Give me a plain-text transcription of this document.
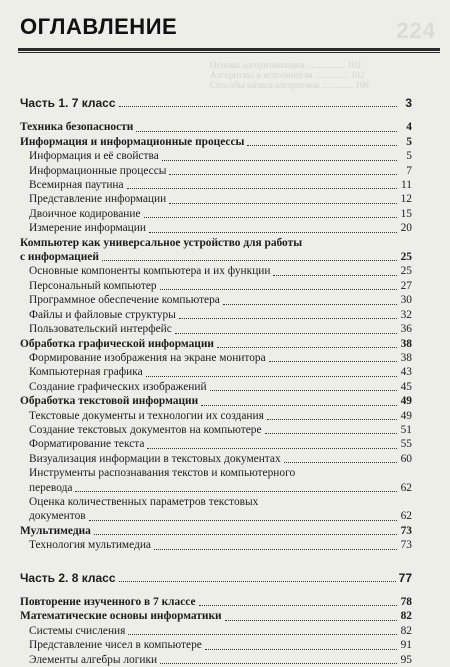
224
ОГЛАВЛЕНИЕ
Основы алгоритмизации ................. 102
Алгоритмы и исполнители ............... 102
Способы записи алгоритмов .............. 106
Часть 1. 7 класс	3
Техника безопасности	4
Информация и информационные процессы	5
Информация и её свойства	5
Информационные процессы	7
Всемирная паутина	11
Представление информации	12
Двоичное кодирование	15
Измерение информации	20
Компьютер как универсальное устройство для работы
с информацией	25
Основные компоненты компьютера и их функции	25
Персональный компьютер	27
Программное обеспечение компьютера	30
Файлы и файловые структуры	32
Пользовательский интерфейс	36
Обработка графической информации	38
Формирование изображения на экране монитора	38
Компьютерная графика	43
Создание графических изображений	45
Обработка текстовой информации	49
Текстовые документы и технологии их создания	49
Создание текстовых документов на компьютере	51
Форматирование текста	55
Визуализация информации в текстовых документах	60
Инструменты распознавания текстов и компьютерного
перевода	62
Оценка количественных параметров текстовых
документов	62
Мультимедиа	73
Технология мультимедиа	73
Часть 2. 8 класс	77
Повторение изученного в 7 классе	78
Математические основы информатики	82
Системы счисления	82
Представление чисел в компьютере	91
Элементы алгебры логики	95
